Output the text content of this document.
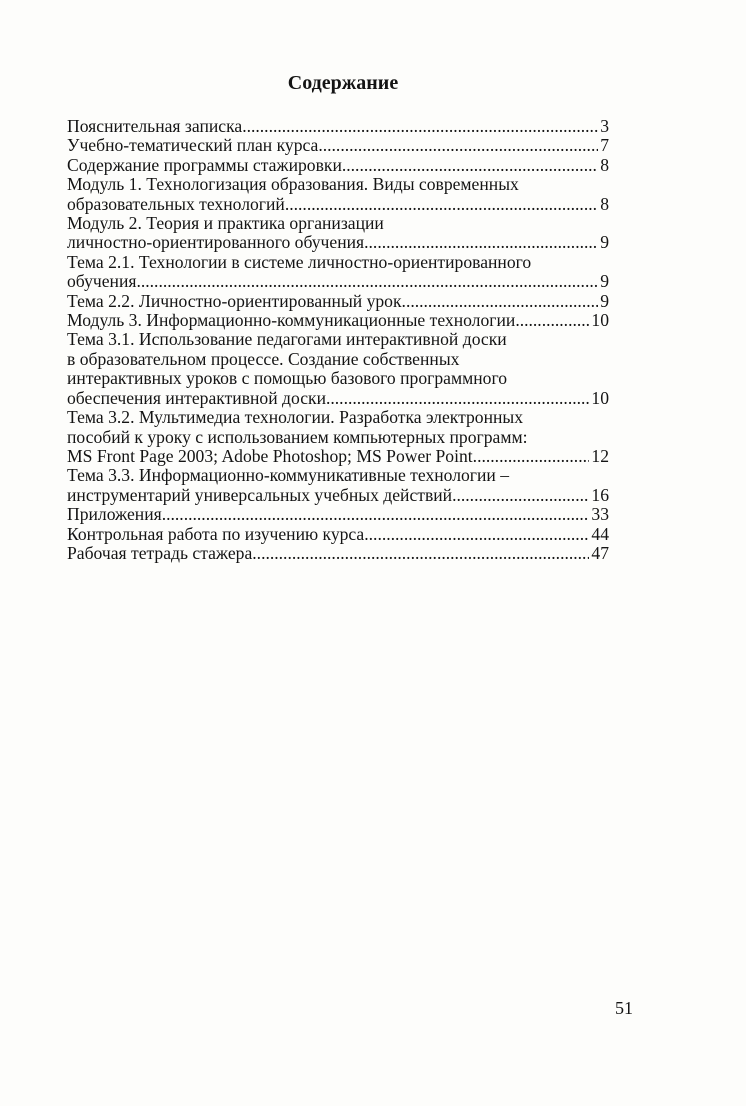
Содержание
Пояснительная записка . . .	3
Учебно-тематический план курса . . .	7
Содержание программы стажировки . . .	8
Модуль 1. Технологизация образования. Виды современных
образовательных технологий. . . .	8
Модуль 2. Теория и практика организации
личностно-ориентированного обучения . . .	9
Тема 2.1. Технологии в системе личностно-ориентированного
обучения . . .	9
Тема 2.2. Личностно-ориентированный урок. . . .	9
Модуль 3. Информационно-коммуникационные технологии . . .	10
Тема 3.1. Использование педагогами интерактивной доски
в образовательном процессе. Создание собственных
интерактивных уроков с помощью базового программного
обеспечения интерактивной доски . . .	10
Тема 3.2. Мультимедиа технологии. Разработка электронных
пособий к уроку с использованием компьютерных программ:
MS Front Page 2003; Adobe Photoshop; MS Power Point. . . .	12
Тема 3.3. Информационно-коммуникативные технологии –
инструментарий универсальных учебных действий. . . .	16
Приложения . . .	33
Контрольная работа по изучению курса . . .	44
Рабочая тетрадь стажера . . .	47
51
